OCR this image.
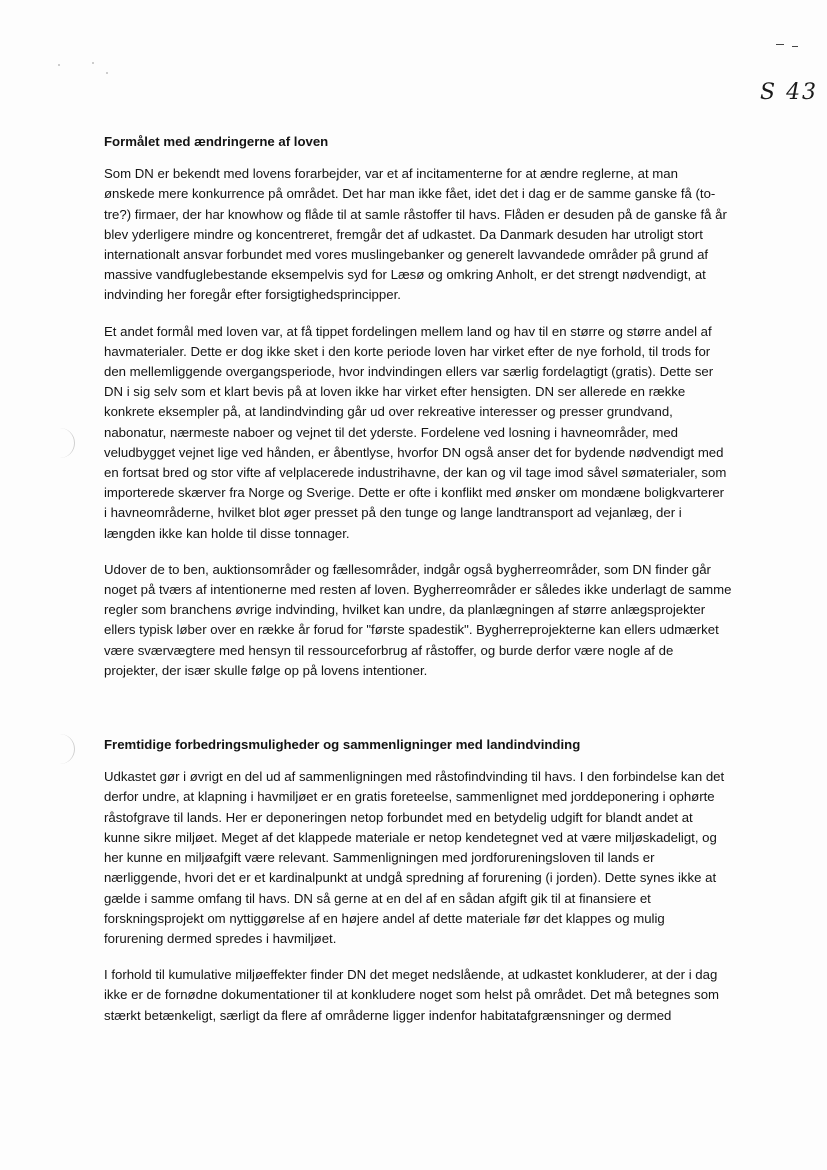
S 43
Formålet med ændringerne af loven
Som DN er bekendt med lovens forarbejder, var et af incitamenterne for at ændre reglerne, at man
ønskede mere konkurrence på området. Det har man ikke fået, idet det i dag er de samme ganske få (to-
tre?) firmaer, der har knowhow og flåde til at samle råstoffer til havs. Flåden er desuden på de ganske få år
blev yderligere mindre og koncentreret, fremgår det af udkastet. Da Danmark desuden har utroligt stort
internationalt ansvar forbundet med vores muslingebanker og generelt lavvandede områder på grund af
massive vandfuglebestande eksempelvis syd for Læsø og omkring Anholt, er det strengt nødvendigt, at
indvinding her foregår efter forsigtighedsprincipper.
Et andet formål med loven var, at få tippet fordelingen mellem land og hav til en større og større andel af
havmaterialer. Dette er dog ikke sket i den korte periode loven har virket efter de nye forhold, til trods for
den mellemliggende overgangsperiode, hvor indvindingen ellers var særlig fordelagtigt (gratis). Dette ser
DN i sig selv som et klart bevis på at loven ikke har virket efter hensigten. DN ser allerede en række
konkrete eksempler på, at landindvinding går ud over rekreative interesser og presser grundvand,
nabonatur, nærmeste naboer og vejnet til det yderste. Fordelene ved losning i havneområder, med
veludbygget vejnet lige ved hånden, er åbentlyse, hvorfor DN også anser det for bydende nødvendigt med
en fortsat bred og stor vifte af velplacerede industrihavne, der kan og vil tage imod såvel sømaterialer, som
importerede skærver fra Norge og Sverige. Dette er ofte i konflikt med ønsker om mondæne boligkvarterer
i havneområderne, hvilket blot øger presset på den tunge og lange landtransport ad vejanlæg, der i
længden ikke kan holde til disse tonnager.
Udover de to ben, auktionsområder og fællesområder, indgår også bygherreområder, som DN finder går
noget på tværs af intentionerne med resten af loven. Bygherreområder er således ikke underlagt de samme
regler som branchens øvrige indvinding, hvilket kan undre, da planlægningen af større anlægsprojekter
ellers typisk løber over en række år forud for "første spadestik". Bygherreprojekterne kan ellers udmærket
være sværvægtere med hensyn til ressourceforbrug af råstoffer, og burde derfor være nogle af de
projekter, der især skulle følge op på lovens intentioner.
Fremtidige forbedringsmuligheder og sammenligninger med landindvinding
Udkastet gør i øvrigt en del ud af sammenligningen med råstofindvinding til havs. I den forbindelse kan det
derfor undre, at klapning i havmiljøet er en gratis foreteelse, sammenlignet med jorddeponering i ophørte
råstofgrave til lands. Her er deponeringen netop forbundet med en betydelig udgift for blandt andet at
kunne sikre miljøet. Meget af det klappede materiale er netop kendetegnet ved at være miljøskadeligt, og
her kunne en miljøafgift være relevant. Sammenligningen med jordforureningsloven til lands er
nærliggende, hvori det er et kardinalpunkt at undgå spredning af forurening (i jorden). Dette synes ikke at
gælde i samme omfang til havs. DN så gerne at en del af en sådan afgift gik til at finansiere et
forskningsprojekt om nyttiggørelse af en højere andel af dette materiale før det klappes og mulig
forurening dermed spredes i havmiljøet.
I forhold til kumulative miljøeffekter finder DN det meget nedslående, at udkastet konkluderer, at der i dag
ikke er de fornødne dokumentationer til at konkludere noget som helst på området. Det må betegnes som
stærkt betænkeligt, særligt da flere af områderne ligger indenfor habitatafgrænsninger og dermed
